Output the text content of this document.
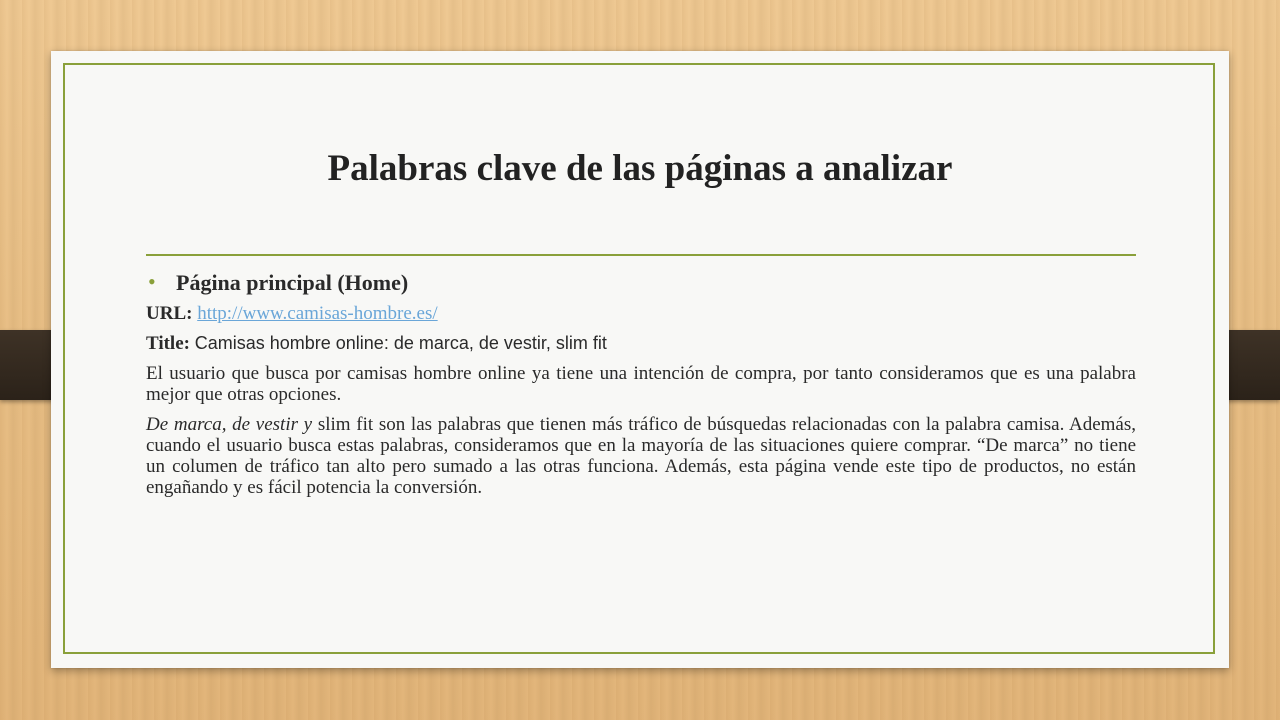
Palabras clave de las páginas a analizar
• Página principal (Home)

URL: http://www.camisas-hombre.es/

Title: Camisas hombre online: de marca, de vestir, slim fit

El usuario que busca por camisas hombre online ya tiene una intención de compra, por tanto consideramos que es una palabra mejor que otras opciones.

De marca, de vestir y slim fit son las palabras que tienen más tráfico de búsquedas relacionadas con la palabra camisa. Además, cuando el usuario busca estas palabras, consideramos que en la mayoría de las situaciones quiere comprar. “De marca” no tiene un columen de tráfico tan alto pero sumado a las otras funciona. Además, esta página vende este tipo de productos, no están engañando y es fácil potencia la conversión.
